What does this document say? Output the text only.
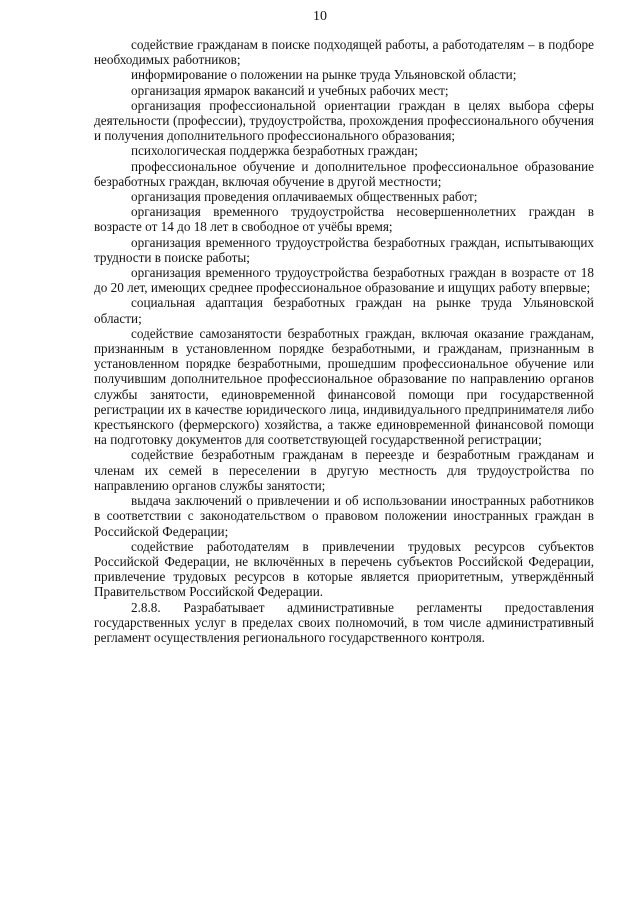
10

содействие гражданам в поиске подходящей работы, а работодателям – в подборе необходимых работников;

информирование о положении на рынке труда Ульяновской области;

организация ярмарок вакансий и учебных рабочих мест;

организация профессиональной ориентации граждан в целях выбора сферы деятельности (профессии), трудоустройства, прохождения профессионального обучения и получения дополнительного профессионального образования;

психологическая поддержка безработных граждан;

профессиональное обучение и дополнительное профессиональное образование безработных граждан, включая обучение в другой местности;

организация проведения оплачиваемых общественных работ;

организация временного трудоустройства несовершеннолетних граждан в возрасте от 14 до 18 лет в свободное от учёбы время;

организация временного трудоустройства безработных граждан, испытывающих трудности в поиске работы;

организация временного трудоустройства безработных граждан в возрасте от 18 до 20 лет, имеющих среднее профессиональное образование и ищущих работу впервые;

социальная адаптация безработных граждан на рынке труда Ульяновской области;

содействие самозанятости безработных граждан, включая оказание гражданам, признанным в установленном порядке безработными, и гражданам, признанным в установленном порядке безработными, прошедшим профессиональное обучение или получившим дополнительное профессиональное образование по направлению органов службы занятости, единовременной финансовой помощи при государственной регистрации их в качестве юридического лица, индивидуального предпринимателя либо крестьянского (фермерского) хозяйства, а также единовременной финансовой помощи на подготовку документов для соответствующей государственной регистрации;

содействие безработным гражданам в переезде и безработным гражданам и членам их семей в переселении в другую местность для трудоустройства по направлению органов службы занятости;

выдача заключений о привлечении и об использовании иностранных работников в соответствии с законодательством о правовом положении иностранных граждан в Российской Федерации;

содействие работодателям в привлечении трудовых ресурсов субъектов Российской Федерации, не включённых в перечень субъектов Российской Федерации, привлечение трудовых ресурсов в которые является приоритетным, утверждённый Правительством Российской Федерации.

2.8.8. Разрабатывает административные регламенты предоставления государственных услуг в пределах своих полномочий, в том числе административный регламент осуществления регионального государственного контроля.
